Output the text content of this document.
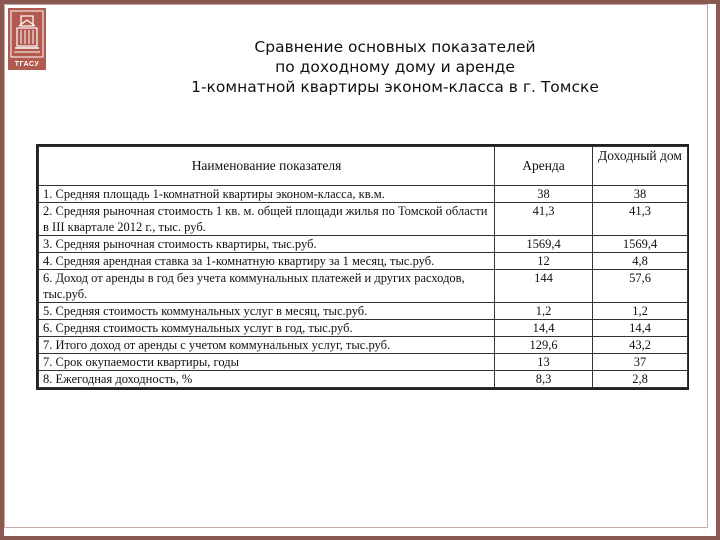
ТГАСУ
Сравнение основных показателей
по доходному дому и аренде
1-комнатной квартиры эконом-класса в г. Томске
Наименование показателя	Аренда	Доходный дом
1. Средняя площадь 1-комнатной квартиры эконом-класса, кв.м.	38	38
2. Средняя рыночная стоимость 1 кв. м. общей площади жилья по Томской области в III квартале 2012 г., тыс. руб.	41,3	41,3
3. Средняя рыночная стоимость квартиры, тыс.руб.	1569,4	1569,4
4. Средняя арендная ставка за 1-комнатную квартиру за 1 месяц, тыс.руб.	12	4,8
6. Доход от аренды в год без учета коммунальных платежей и других расходов, тыс.руб.	144	57,6
5. Средняя стоимость коммунальных услуг в месяц, тыс.руб.	1,2	1,2
6. Средняя стоимость коммунальных услуг в год, тыс.руб.	14,4	14,4
7. Итого доход от аренды с учетом коммунальных услуг, тыс.руб.	129,6	43,2
7. Срок окупаемости квартиры, годы	13	37
8. Ежегодная доходность, %	8,3	2,8
